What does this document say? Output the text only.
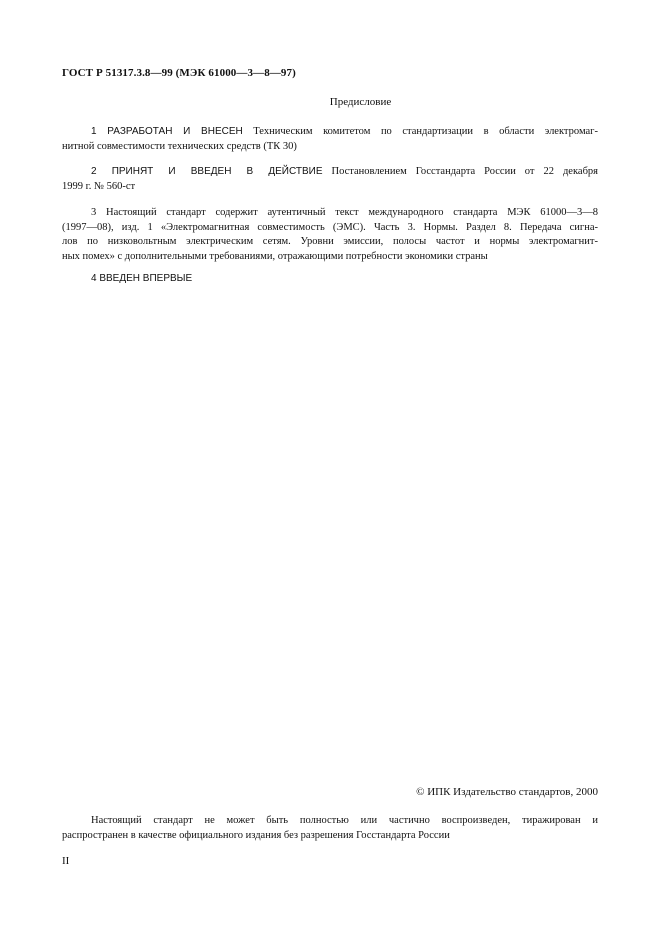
ГОСТ Р 51317.3.8—99 (МЭК 61000—3—8—97)
Предисловие
1 РАЗРАБОТАН И ВНЕСЕН Техническим комитетом по стандартизации в области электромаг-
нитной совместимости технических средств (ТК 30)
2 ПРИНЯТ И ВВЕДЕН В ДЕЙСТВИЕ Постановлением Госстандарта России от 22 декабря
1999 г. № 560-ст
3 Настоящий стандарт содержит аутентичный текст международного стандарта МЭК 61000—3—8
(1997—08), изд. 1 «Электромагнитная совместимость (ЭМС). Часть 3. Нормы. Раздел 8. Передача сигна-
лов по низковольтным электрическим сетям. Уровни эмиссии, полосы частот и нормы электромагнит-
ных помех» с дополнительными требованиями, отражающими потребности экономики страны
4 ВВЕДЕН ВПЕРВЫЕ
© ИПК Издательство стандартов, 2000
Настоящий стандарт не может быть полностью или частично воспроизведен, тиражирован и
распространен в качестве официального издания без разрешения Госстандарта России
II
